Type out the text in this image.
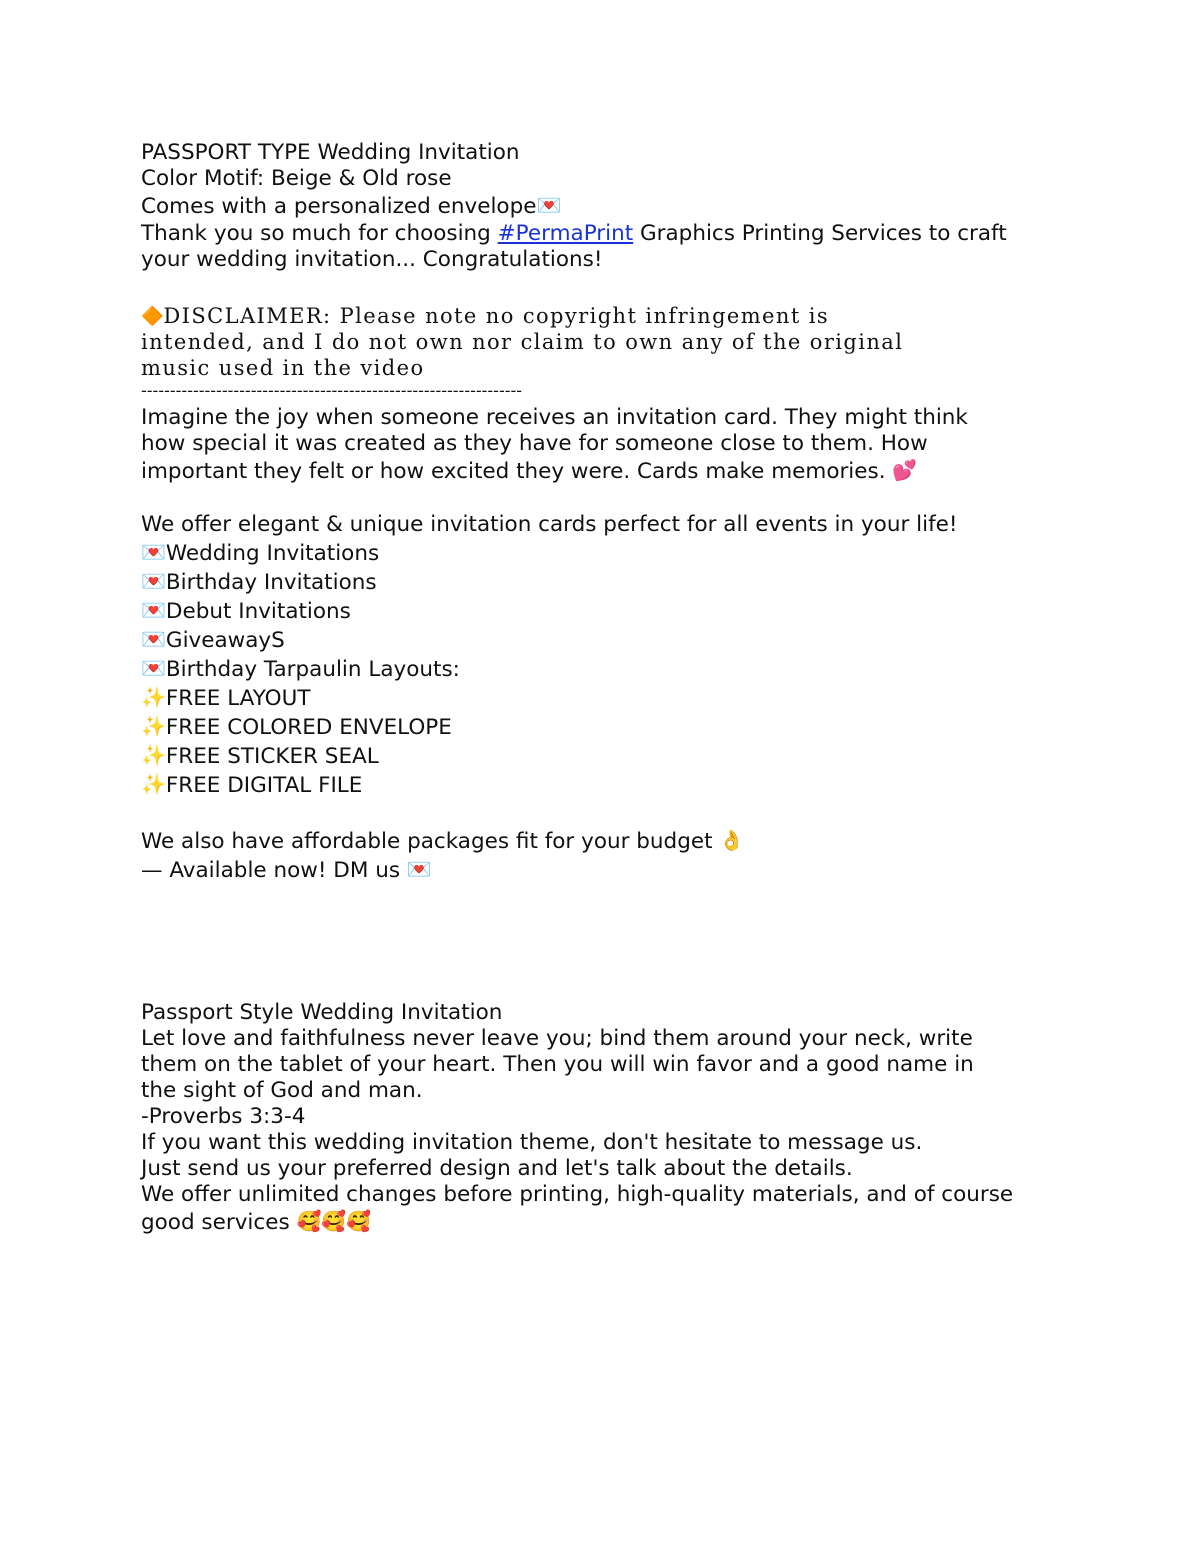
PASSPORT TYPE Wedding Invitation
Color Motif: Beige & Old rose
Comes with a personalized envelope💌
Thank you so much for choosing #PermaPrint Graphics Printing Services to craft
your wedding invitation... Congratulations!
🔶DISCLAIMER: Please note no copyright infringement is
intended, and I do not own nor claim to own any of the original
music used in the video
------------------------------------------------------------------
Imagine the joy when someone receives an invitation card. They might think
how special it was created as they have for someone close to them. How
important they felt or how excited they were. Cards make memories. 💕
We offer elegant & unique invitation cards perfect for all events in your life!
💌Wedding Invitations
💌Birthday Invitations
💌Debut Invitations
💌GiveawayS
💌Birthday Tarpaulin Layouts:
✨FREE LAYOUT
✨FREE COLORED ENVELOPE
✨FREE STICKER SEAL
✨FREE DIGITAL FILE
We also have affordable packages fit for your budget 👌
— Available now! DM us 💌
Passport Style Wedding Invitation
Let love and faithfulness never leave you; bind them around your neck, write
them on the tablet of your heart. Then you will win favor and a good name in
the sight of God and man.
-Proverbs 3:3-4
If you want this wedding invitation theme, don't hesitate to message us.
Just send us your preferred design and let's talk about the details.
We offer unlimited changes before printing, high-quality materials, and of course
good services 🥰🥰🥰
